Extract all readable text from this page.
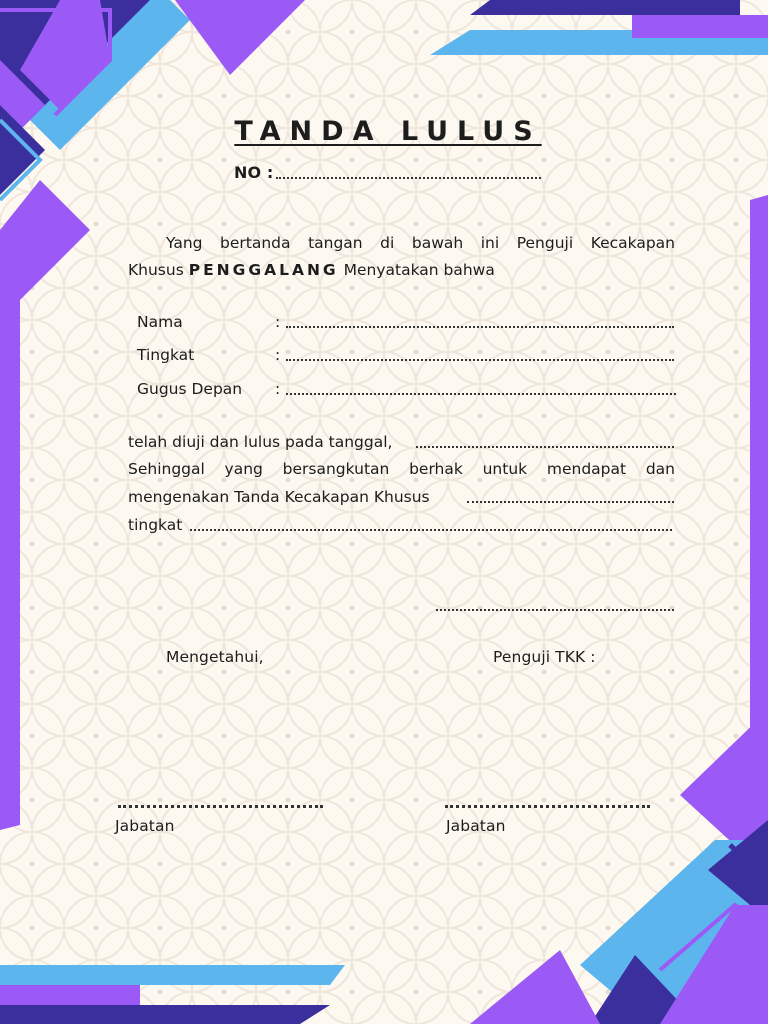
TANDA LULUS
NO :
Yang bertanda tangan di bawah ini Penguji Kecakapan
Khusus PENGGALANG Menyatakan bahwa
Nama	:
Tingkat	:
Gugus Depan :
telah diuji dan lulus pada tanggal,
Sehinggal yang bersangkutan berhak untuk mendapat dan
mengenakan Tanda Kecakapan Khusus
tingkat
Mengetahui,	Penguji TKK :
Jabatan	Jabatan
